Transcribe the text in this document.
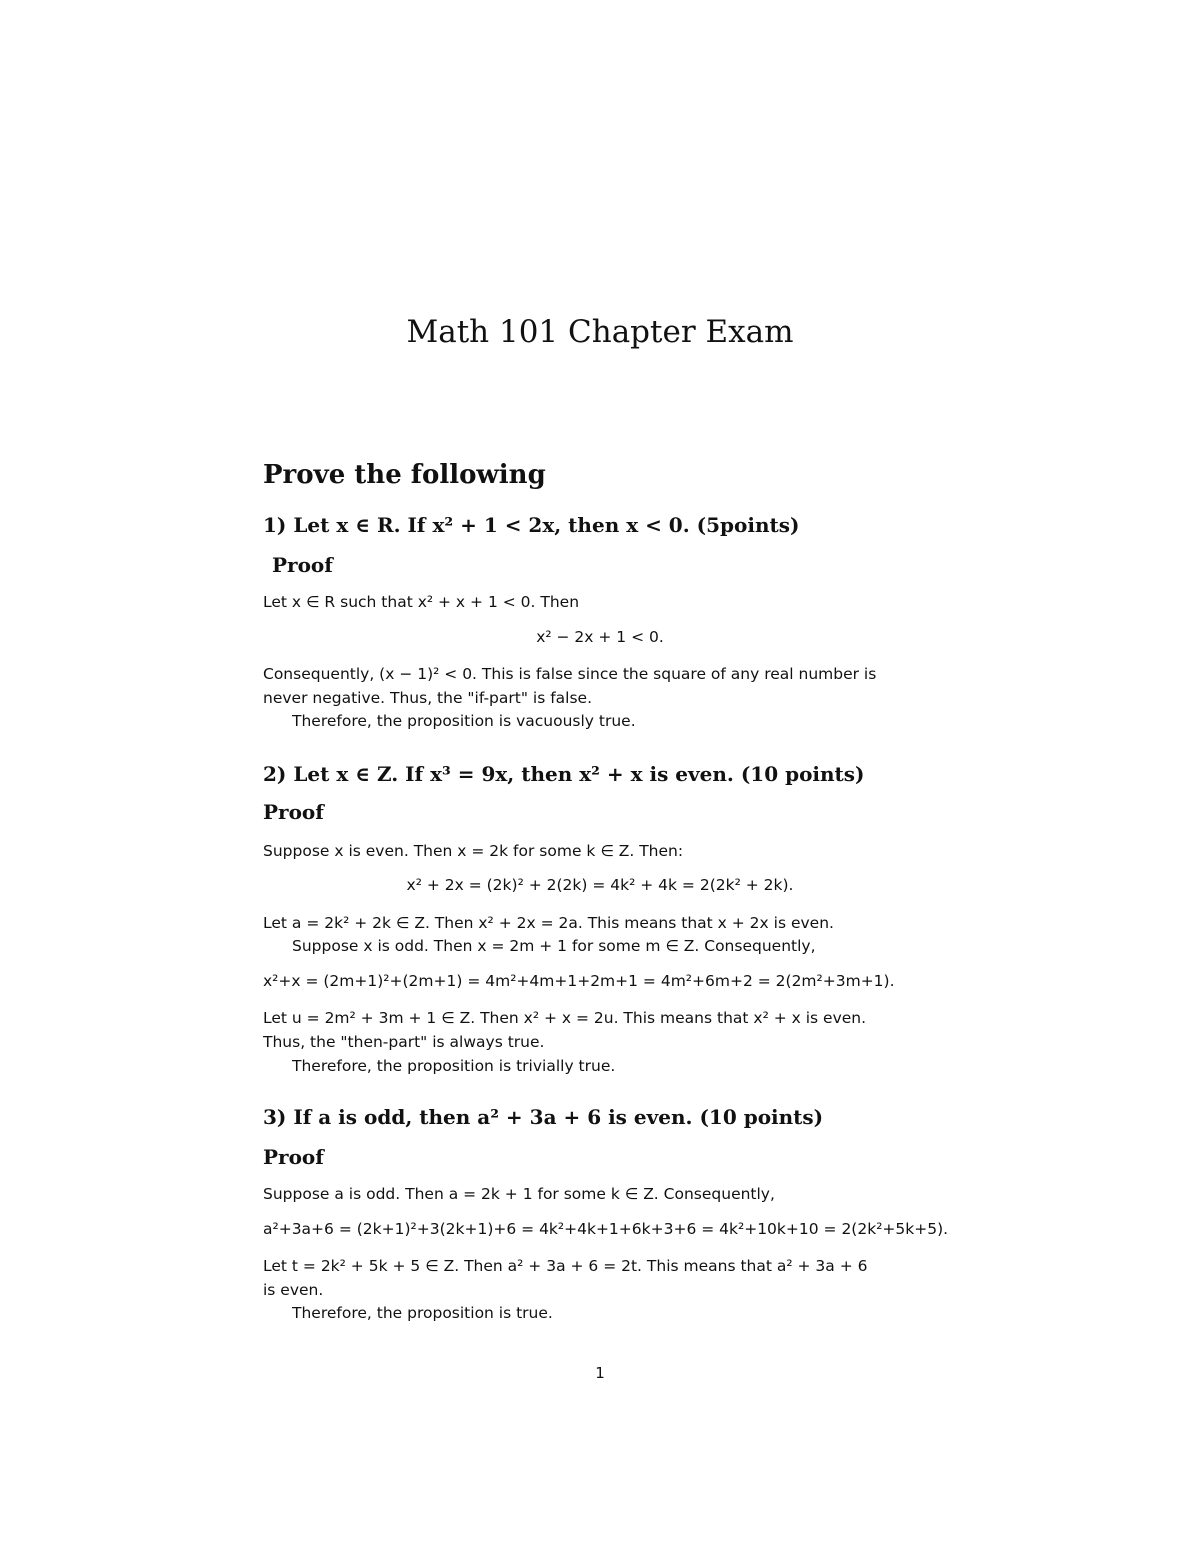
Math 101 Chapter Exam
Prove the following
1) Let x ∈ R. If x² + 1 < 2x, then x < 0. (5points)
Proof
Let x ∈ R such that x² + x + 1 < 0. Then
x² − 2x + 1 < 0.
Consequently, (x − 1)² < 0. This is false since the square of any real number is
never negative. Thus, the "if-part" is false.
Therefore, the proposition is vacuously true.
2) Let x ∈ Z. If x³ = 9x, then x² + x is even. (10 points)
Proof
Suppose x is even. Then x = 2k for some k ∈ Z. Then:
x² + 2x = (2k)² + 2(2k) = 4k² + 4k = 2(2k² + 2k).
Let a = 2k² + 2k ∈ Z. Then x² + 2x = 2a. This means that x + 2x is even.
Suppose x is odd. Then x = 2m + 1 for some m ∈ Z. Consequently,
x²+x = (2m+1)²+(2m+1) = 4m²+4m+1+2m+1 = 4m²+6m+2 = 2(2m²+3m+1).
Let u = 2m² + 3m + 1 ∈ Z. Then x² + x = 2u. This means that x² + x is even.
Thus, the "then-part" is always true.
Therefore, the proposition is trivially true.
3) If a is odd, then a² + 3a + 6 is even. (10 points)
Proof
Suppose a is odd. Then a = 2k + 1 for some k ∈ Z. Consequently,
a²+3a+6 = (2k+1)²+3(2k+1)+6 = 4k²+4k+1+6k+3+6 = 4k²+10k+10 = 2(2k²+5k+5).
Let t = 2k² + 5k + 5 ∈ Z. Then a² + 3a + 6 = 2t. This means that a² + 3a + 6
is even.
Therefore, the proposition is true.
1
